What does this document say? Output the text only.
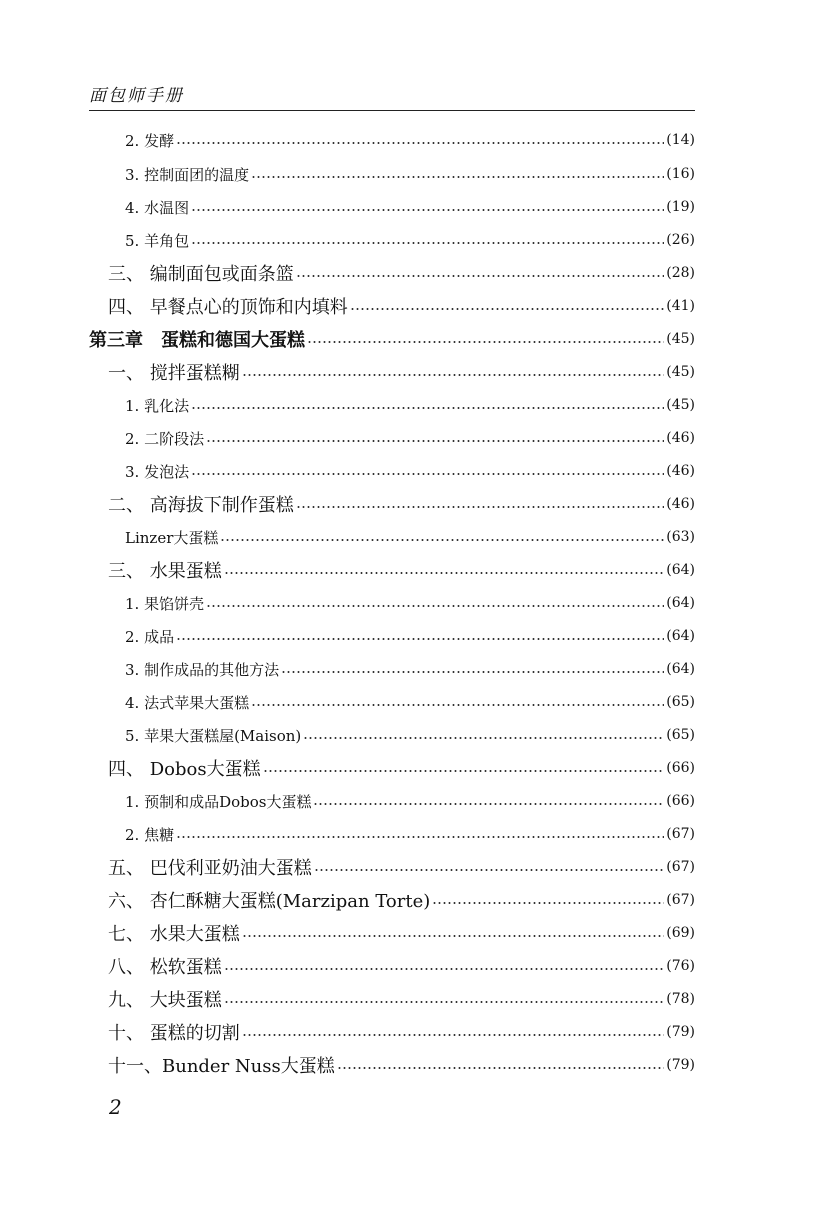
面包师手册
2. 发酵	(14)
3. 控制面团的温度	(16)
4. 水温图	(19)
5. 羊角包	(26)
三、 编制面包或面条篮	(28)
四、 早餐点心的顶饰和内填料	(41)
第三章　蛋糕和德国大蛋糕	(45)
一、 搅拌蛋糕糊	(45)
1. 乳化法	(45)
2. 二阶段法	(46)
3. 发泡法	(46)
二、 高海拔下制作蛋糕	(46)
Linzer大蛋糕	(63)
三、 水果蛋糕	(64)
1. 果馅饼壳	(64)
2. 成品	(64)
3. 制作成品的其他方法	(64)
4. 法式苹果大蛋糕	(65)
5. 苹果大蛋糕屋(Maison)	(65)
四、 Dobos大蛋糕	(66)
1. 预制和成品Dobos大蛋糕	(66)
2. 焦糖	(67)
五、 巴伐利亚奶油大蛋糕	(67)
六、 杏仁酥糖大蛋糕(Marzipan Torte)	(67)
七、 水果大蛋糕	(69)
八、 松软蛋糕	(76)
九、 大块蛋糕	(78)
十、 蛋糕的切割	(79)
十一、Bunder Nuss大蛋糕	(79)
2
